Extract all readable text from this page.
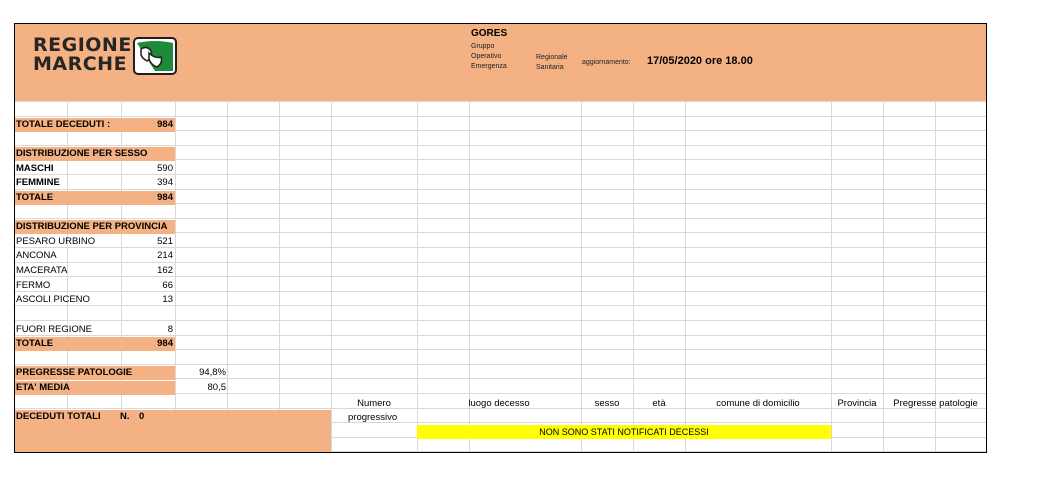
REGIONE
MARCHE
GORES
Gruppo
Operativo
Emergenza
Regionale
Sanitaria
aggiornamento: 17/05/2020 ore 18.00
TOTALE DECEDUTI :	984
DISTRIBUZIONE PER SESSO
MASCHI	590
FEMMINE	394
TOTALE	984
DISTRIBUZIONE PER PROVINCIA
PESARO URBINO	521
ANCONA	214
MACERATA	162
FERMO	66
ASCOLI PICENO	13
FUORI REGIONE	8
TOTALE	984
PREGRESSE PATOLOGIE	94,8%
ETA' MEDIA	80,5
DECEDUTI TOTALI N. 0
Numero
progressivo
luogo decesso	sesso	età	comune di domicilio	Provincia	Pregresse patologie
NON SONO STATI NOTIFICATI DECESSI
